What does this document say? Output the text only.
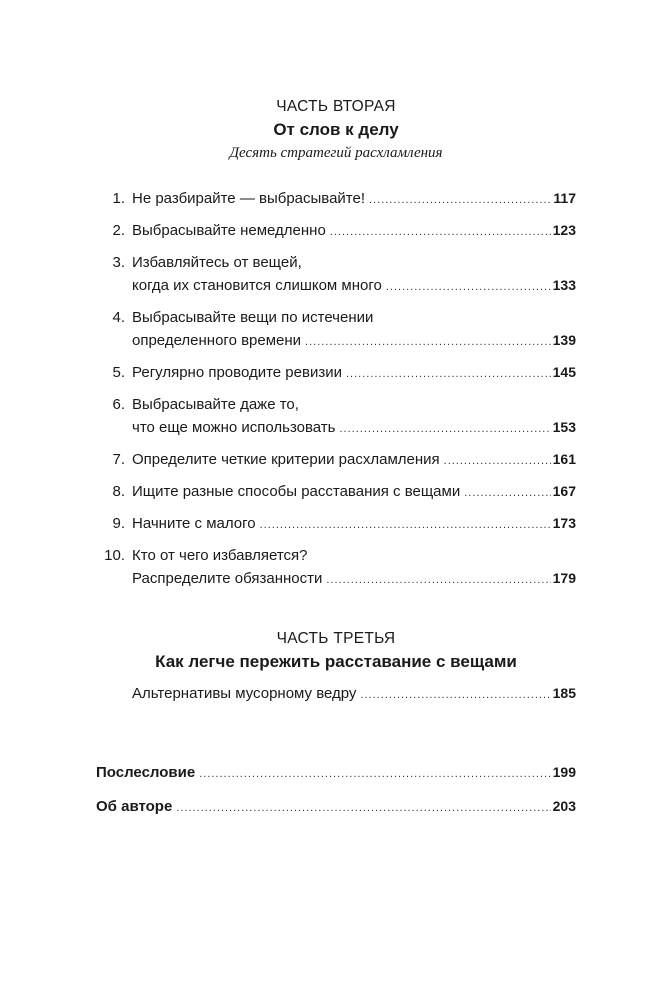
ЧАСТЬ ВТОРАЯ
От слов к делу
Десять стратегий расхламления
1. Не разбирайте — выбрасывайте! .....	117
2. Выбрасывайте немедленно .....	123
3. Избавляйтесь от вещей,
когда их становится слишком много .....	133
4. Выбрасывайте вещи по истечении
определенного времени .....	139
5. Регулярно проводите ревизии .....	145
6. Выбрасывайте даже то,
что еще можно использовать .....	153
7. Определите четкие критерии расхламления .....	161
8. Ищите разные способы расставания с вещами .....	167
9. Начните с малого .....	173
10. Кто от чего избавляется?
Распределите обязанности .....	179
ЧАСТЬ ТРЕТЬЯ
Как легче пережить расставание с вещами
Альтернативы мусорному ведру .....	185
Послесловие .....	199
Об авторе .....	203
